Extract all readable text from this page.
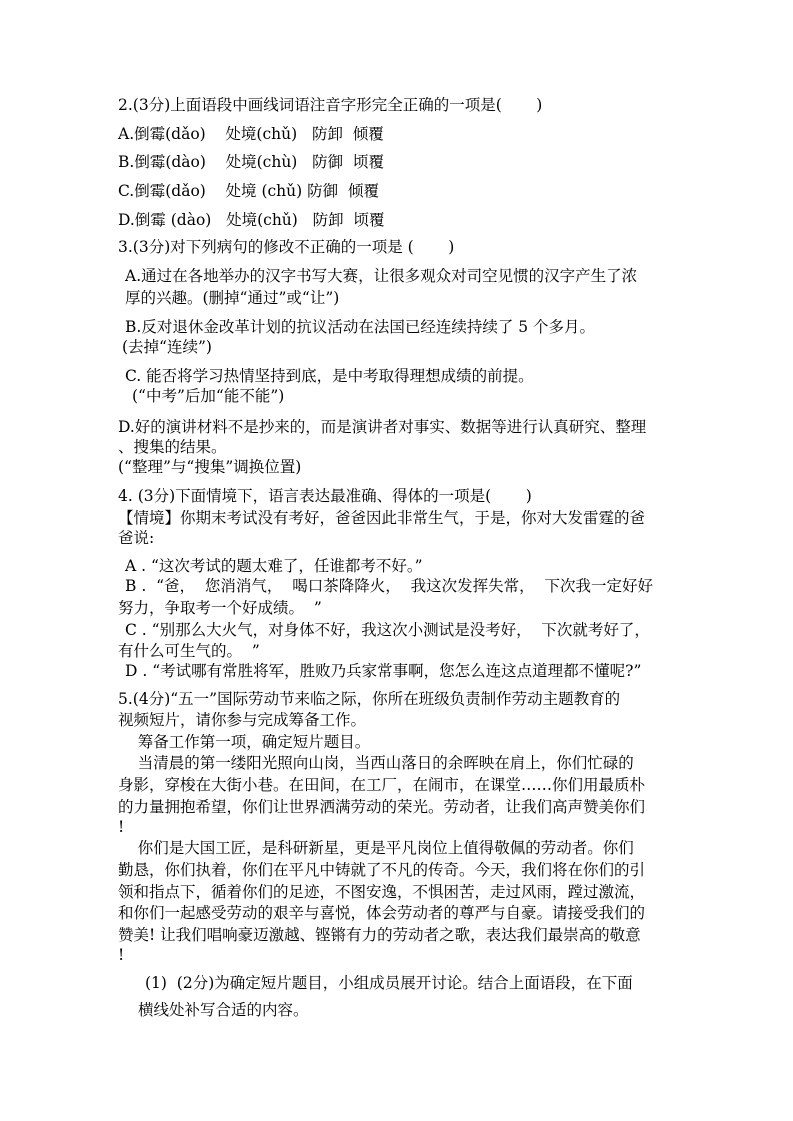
2.(3分)上面语段中画线词语注音字形完全正确的一项是(       )

A.倒霉(dǎo)    处境(chǔ)   防卸  倾覆

B.倒霉(dào)    处境(chù)   防御  顷覆

C.倒霉(dǎo)    处境 (chǔ) 防御  倾覆

D.倒霉 (dào)   处境(chǔ)   防卸  顷覆

3.(3分)对下列病句的修改不正确的一项是 (       )

A.通过在各地举办的汉字书写大赛，让很多观众对司空见惯的汉字产生了浓

厚的兴趣。(删掉“通过”或“让”)

B.反对退休金改革计划的抗议活动在法国已经连续持续了 5 个多月。

(去掉“连续”)

C. 能否将学习热情坚持到底，是中考取得理想成绩的前提。

(“中考”后加“能不能”)

D.好的演讲材料不是抄来的，而是演讲者对事实、数据等进行认真研究、整理

、搜集的结果。

(“整理”与“搜集”调换位置)

4. (3分)下面情境下，语言表达最准确、得体的一项是(       )

【情境】你期末考试没有考好，爸爸因此非常生气，于是，你对大发雷霆的爸

爸说:

A . “这次考试的题太难了，任谁都考不好。”

B .  “爸，  您消消气，  喝口茶降降火，  我这次发挥失常，  下次我一定好好

努力，争取考一个好成绩。  ”

C . “别那么大火气，对身体不好，我这次小测试是没考好，  下次就考好了，

有什么可生气的。  ”

D . “考试哪有常胜将军，胜败乃兵家常事啊，您怎么连这点道理都不懂呢?”

5.(4分)“五一”国际劳动节来临之际，你所在班级负责制作劳动主题教育的

视频短片，请你参与完成筹备工作。

筹备工作第一项，确定短片题目。

当清晨的第一缕阳光照向山岗，当西山落日的余晖映在肩上，你们忙碌的

身影，穿梭在大街小巷。在田间，在工厂，在闹市，在课堂……你们用最质朴

的力量拥抱希望，你们让世界洒满劳动的荣光。劳动者，让我们高声赞美你们

!

你们是大国工匠，是科研新星，更是平凡岗位上值得敬佩的劳动者。你们

勤恳，你们执着，你们在平凡中铸就了不凡的传奇。今天，我们将在你们的引

领和指点下，循着你们的足迹，不图安逸，不惧困苦，走过风雨，蹚过激流，

和你们一起感受劳动的艰辛与喜悦，体会劳动者的尊严与自豪。请接受我们的

赞美! 让我们唱响豪迈激越、铿锵有力的劳动者之歌，表达我们最崇高的敬意

!

(1)  (2分)为确定短片题目，小组成员展开讨论。结合上面语段，在下面

横线处补写合适的内容。
